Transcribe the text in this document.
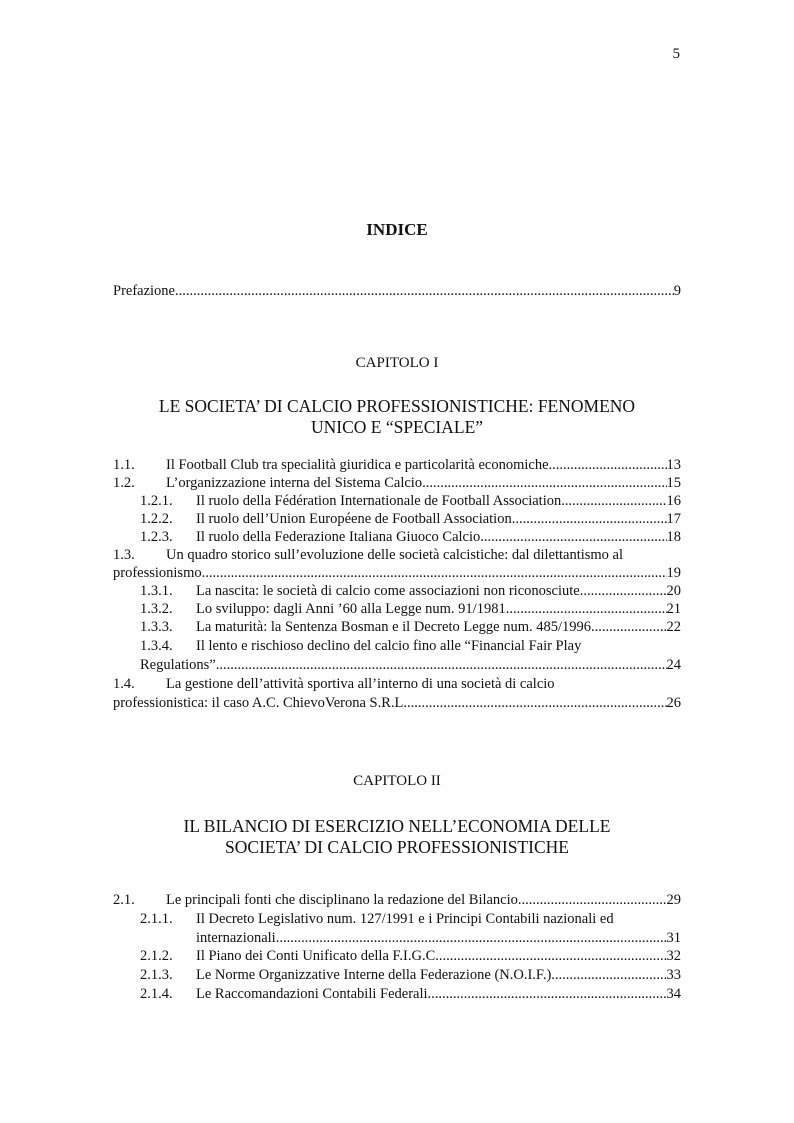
5
INDICE
Prefazione .....	9
CAPITOLO I
LE SOCIETA’ DI CALCIO PROFESSIONISTICHE: FENOMENO
UNICO E “SPECIALE”
1.1. Il Football Club tra specialità giuridica e particolarità economiche .....	13
1.2. L’organizzazione interna del Sistema Calcio .....	15
1.2.1. Il ruolo della Fédération Internationale de Football Association .....	16
1.2.2. Il ruolo dell’Union Européene de Football Association .....	17
1.2.3. Il ruolo della Federazione Italiana Giuoco Calcio .....	18
1.3. Un quadro storico sull’evoluzione delle società calcistiche: dal dilettantismo al
professionismo .....	19
1.3.1. La nascita: le società di calcio come associazioni non riconosciute .....	20
1.3.2. Lo sviluppo: dagli Anni ’60 alla Legge num. 91/1981 .....	21
1.3.3. La maturità: la Sentenza Bosman e il Decreto Legge num. 485/1996 .....	22
1.3.4. Il lento e rischioso declino del calcio fino alle “Financial Fair Play
Regulations” .....	24
1.4. La gestione dell’attività sportiva all’interno di una società di calcio
professionistica: il caso A.C. ChievoVerona S.R.L .....	26
CAPITOLO II
IL BILANCIO DI ESERCIZIO NELL’ECONOMIA DELLE
SOCIETA’ DI CALCIO PROFESSIONISTICHE
2.1. Le principali fonti che disciplinano la redazione del Bilancio .....	29
2.1.1. Il Decreto Legislativo num. 127/1991 e i Principi Contabili nazionali ed
internazionali .....	31
2.1.2. Il Piano dei Conti Unificato della F.I.G.C. .....	32
2.1.3. Le Norme Organizzative Interne della Federazione (N.O.I.F.) .....	33
2.1.4. Le Raccomandazioni Contabili Federali .....	34
